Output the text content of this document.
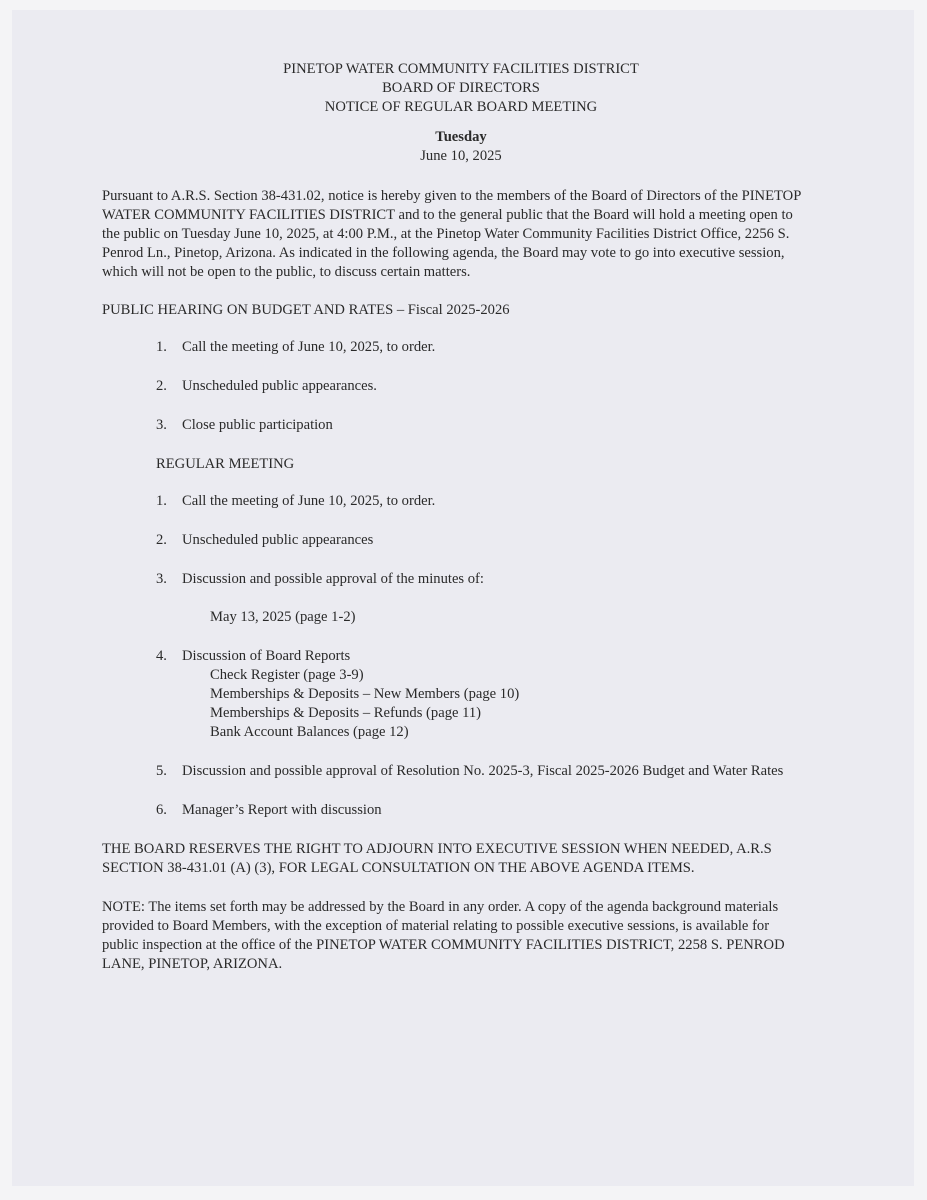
PINETOP WATER COMMUNITY FACILITIES DISTRICT
BOARD OF DIRECTORS
NOTICE OF REGULAR BOARD MEETING
Tuesday
June 10, 2025

Pursuant to A.R.S. Section 38-431.02, notice is hereby given to the members of the Board of Directors of the PINETOP WATER COMMUNITY FACILITIES DISTRICT and to the general public that the Board will hold a meeting open to the public on Tuesday June 10, 2025, at 4:00 P.M., at the Pinetop Water Community Facilities District Office, 2256 S. Penrod Ln., Pinetop, Arizona. As indicated in the following agenda, the Board may vote to go into executive session, which will not be open to the public, to discuss certain matters.

PUBLIC HEARING ON BUDGET AND RATES – Fiscal 2025-2026

1. Call the meeting of June 10, 2025, to order.
2. Unscheduled public appearances.
3. Close public participation

REGULAR MEETING

1. Call the meeting of June 10, 2025, to order.
2. Unscheduled public appearances
3. Discussion and possible approval of the minutes of:
May 13, 2025 (page 1-2)
4. Discussion of Board Reports
Check Register (page 3-9)
Memberships & Deposits – New Members (page 10)
Memberships & Deposits – Refunds (page 11)
Bank Account Balances (page 12)
5. Discussion and possible approval of Resolution No. 2025-3, Fiscal 2025-2026 Budget and Water Rates
6. Manager’s Report with discussion

THE BOARD RESERVES THE RIGHT TO ADJOURN INTO EXECUTIVE SESSION WHEN NEEDED, A.R.S SECTION 38-431.01 (A) (3), FOR LEGAL CONSULTATION ON THE ABOVE AGENDA ITEMS.

NOTE: The items set forth may be addressed by the Board in any order. A copy of the agenda background materials provided to Board Members, with the exception of material relating to possible executive sessions, is available for public inspection at the office of the PINETOP WATER COMMUNITY FACILITIES DISTRICT, 2258 S. PENROD LANE, PINETOP, ARIZONA.
